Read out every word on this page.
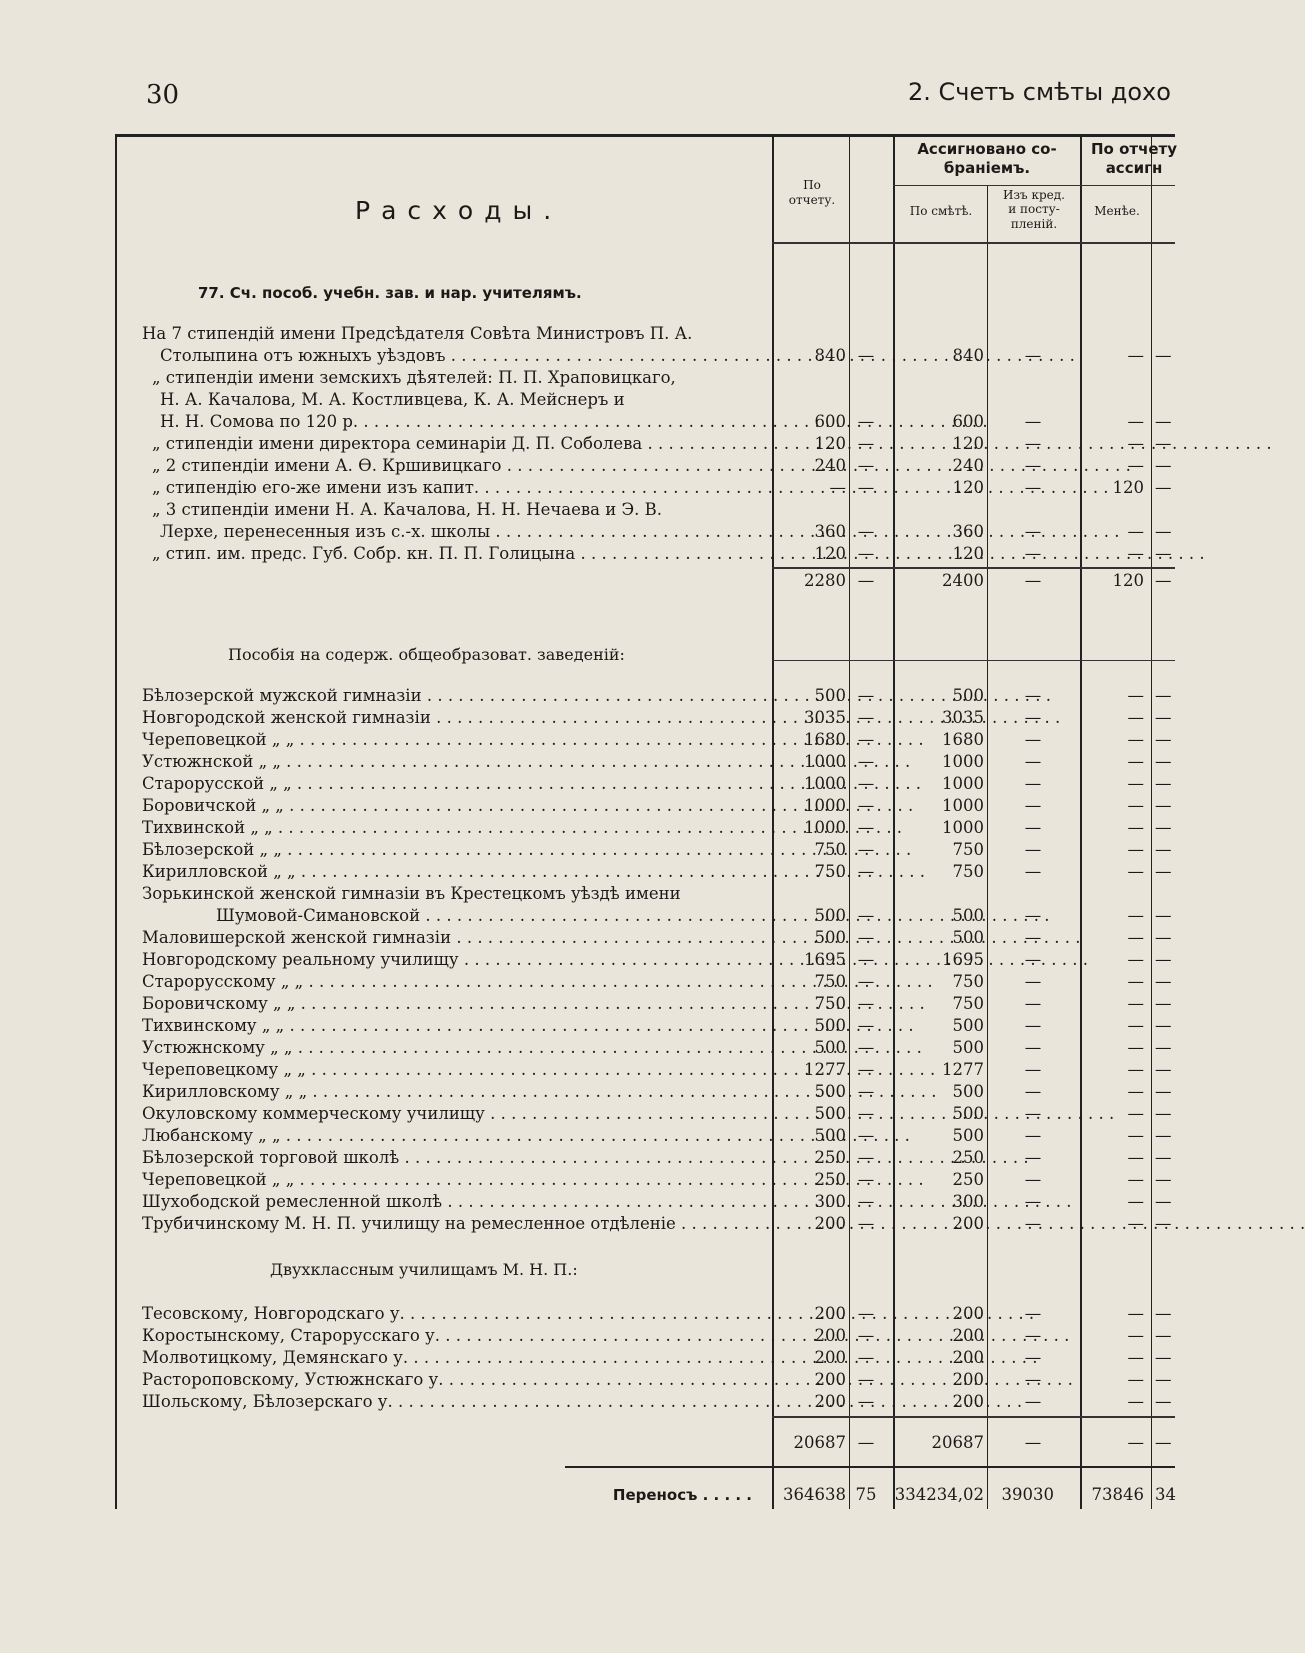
30	2. Счетъ смѣты дохо
По отчету.
Ассигновано со-
браніемъ.
По смѣтѣ.
Изъ кред.
и посту-
пленій.
По отчету
ассигн
Менѣе.
Расходы.
77. Сч. пособ. учебн. зав. и нар. учителямъ.
На 7 стипендій имени Предсѣдателя Совѣта Министровъ П. А.
Столыпина отъ южныхъ уѣздовъ . . .	840 —	840 —	— —
„ стипендіи имени земскихъ дѣятелей: П. П. Храповицкаго,
Н. А. Качалова, М. А. Костливцева, К. А. Мейснеръ и
Н. Н. Сомова по 120 р. . . .	600 —	600 —	— —
„ стипендіи имени директора семинаріи Д. П. Соболева . . .	120 —	120 —	— —
„ 2 стипендіи имени А. Ѳ. Кршивицкаго . . .	240 —	240 —	— —
„ стипендію его-же имени изъ капит. . . .	— —	120 —	120 —
„ 3 стипендіи имени Н. А. Качалова, Н. Н. Нечаева и Э. В.
Лерхе, перенесенныя изъ с.-х. школы . . .	360 —	360 —	— —
„ стип. им. предс. Губ. Собр. кн. П. П. Голицына . . .	120 —	120 —	— —
2280 —	2400 —	120 —
Пособія на содерж. общеобразоват. заведеній:
Бѣлозерской мужской гимназіи . . .	500 —	500 —	— —
Новгородской женской гимназіи . . .	3035 —	3035 —	— —
Череповецкой „ „ . . .	1680 —	1680 —	— —
Устюжнской „ „ . . .	1000 —	1000 —	— —
Старорусской „ „ . . .	1000 —	1000 —	— —
Боровичской „ „ . . .	1000 —	1000 —	— —
Тихвинской „ „ . . .	1000 —	1000 —	— —
Бѣлозерской „ „ . . .	750 —	750 —	— —
Кирилловской „ „ . . .	750 —	750 —	— —
Зорькинской женской гимназіи въ Крестецкомъ уѣздѣ имени
Шумовой-Симановской . . .	500 —	500 —	— —
Маловишерской женской гимназіи . . .	500 —	500 —	— —
Новгородскому реальному училищу . . .	1695 —	1695 —	— —
Старорусскому „ „ . . .	750 —	750 —	— —
Боровичскому „ „ . . .	750 —	750 —	— —
Тихвинскому „ „ . . .	500 —	500 —	— —
Устюжнскому „ „ . . .	500 —	500 —	— —
Череповецкому „ „ . . .	1277 —	1277 —	— —
Кирилловскому „ „ . . .	500 —	500 —	— —
Окуловскому коммерческому училищу . . .	500 —	500 —	— —
Любанскому „ „ . . .	500 —	500 —	— —
Бѣлозерской торговой школѣ . . .	250 —	250 —	— —
Череповецкой „ „ . . .	250 —	250 —	— —
Шухободской ремесленной школѣ . . .	300 —	300 —	— —
Трубичинскому М. Н. П. училищу на ремесленное отдѣленіе . . .	200 —	200 —	— —
Двухклассным училищамъ М. Н. П.:
Тесовскому, Новгородскаго у. . . .	200 —	200 —	— —
Коростынскому, Старорусскаго у. . . .	200 —	200 —	— —
Молвотицкому, Демянскаго у. . . .	200 —	200 —	— —
Растороповскому, Устюжнскаго у. . . .	200 —	200 —	— —
Шольскому, Бѣлозерскаго у. . . .	200 —	200 —	— —
20687 —	20687 —	— —
Переносъ . . . . . 364638 75 334234,02 39030 73846 34
